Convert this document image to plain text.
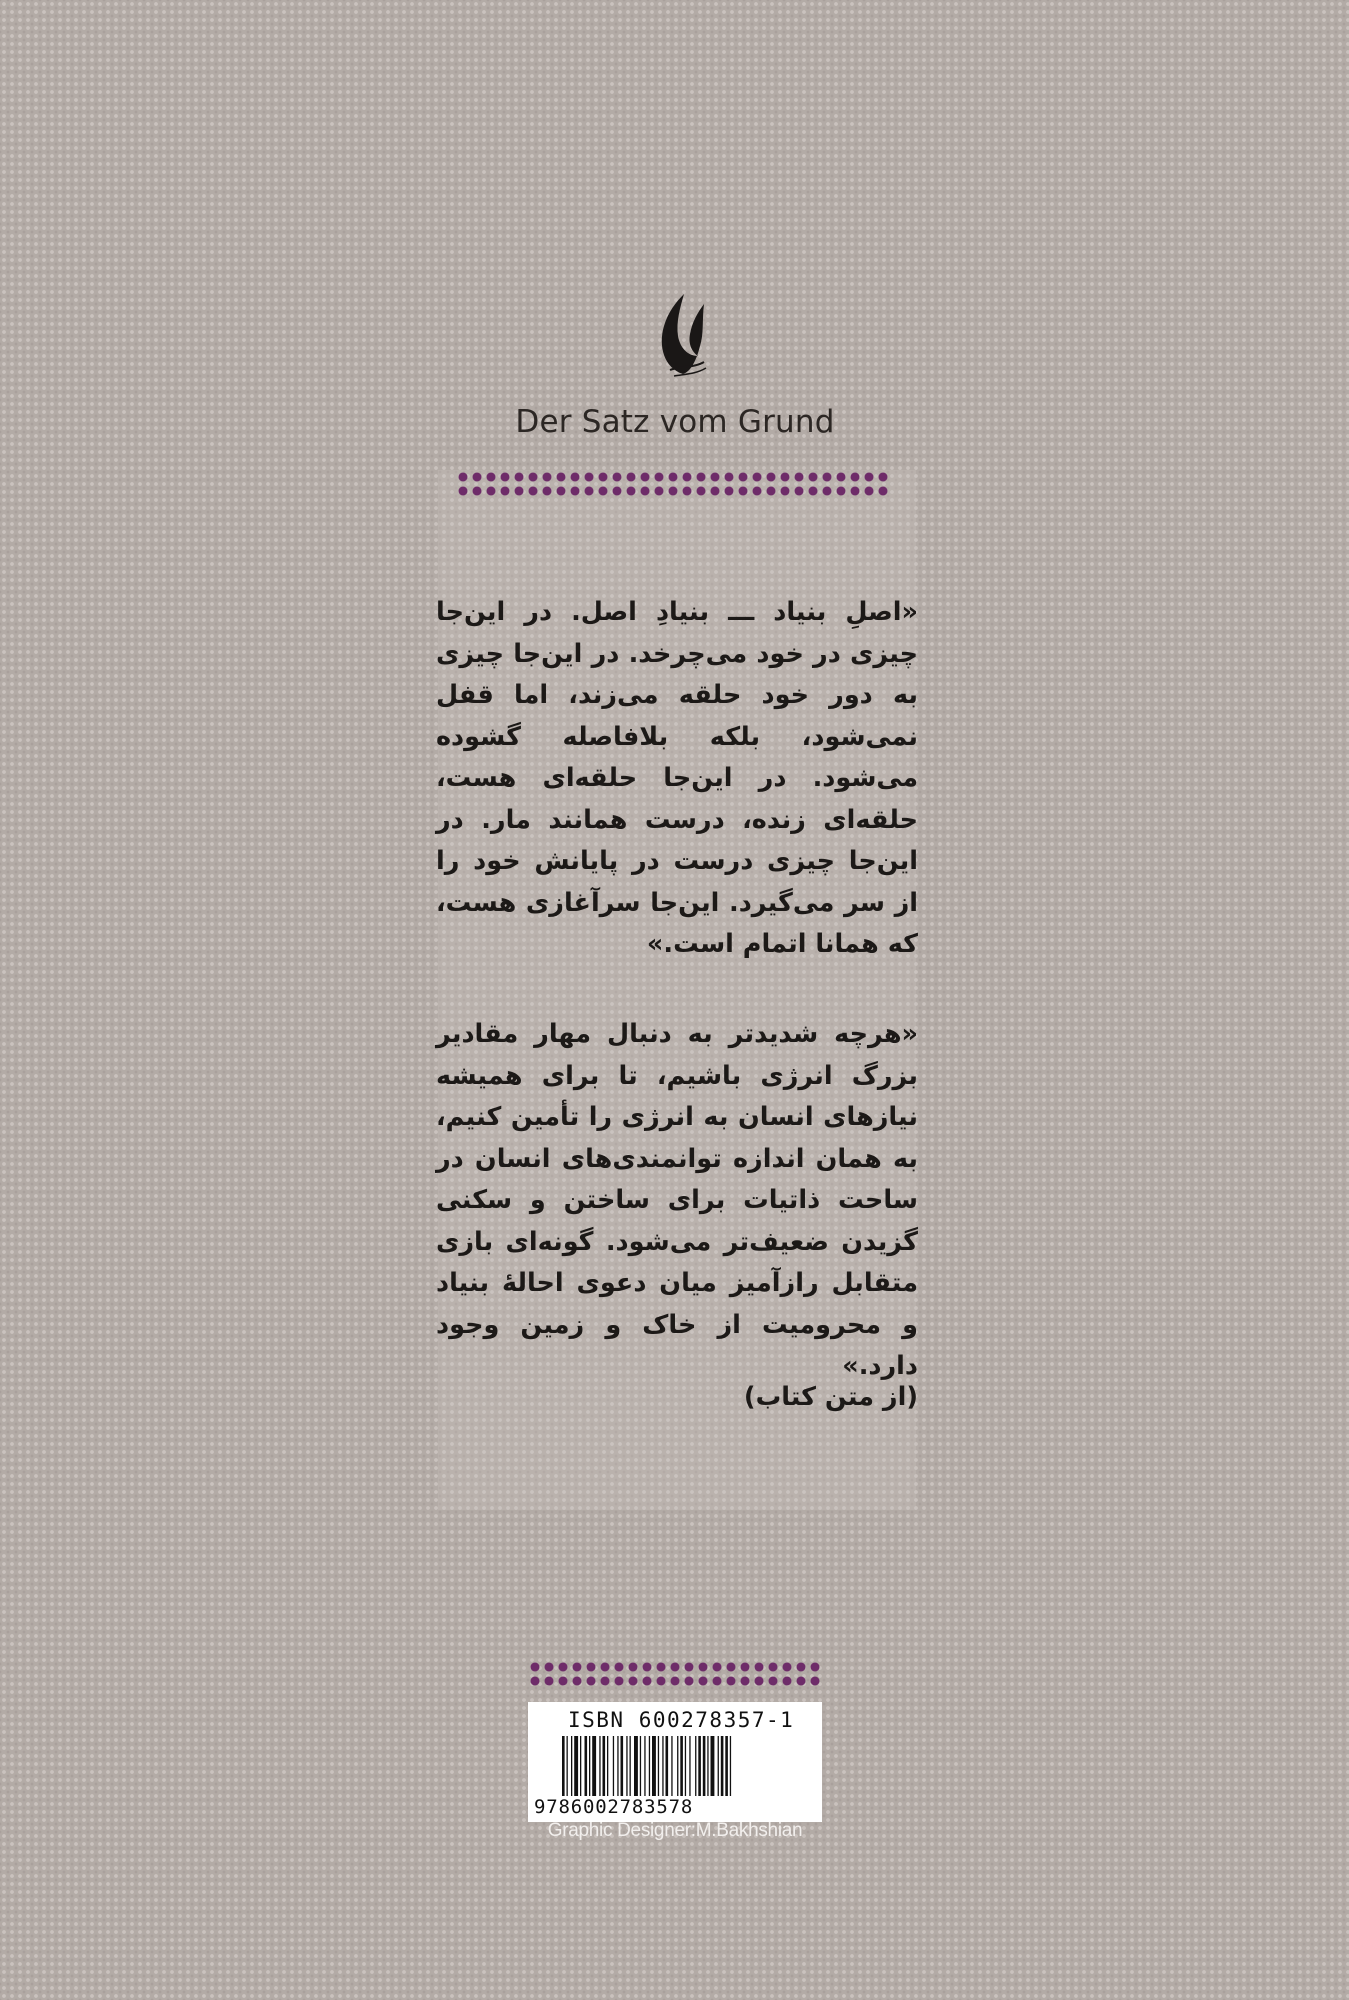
Der Satz vom Grund

«اصلِ بنیاد ـــ بنیادِ اصل. در این‌جا چیزی در خود می‌چرخد. در این‌جا چیزی به دور خود حلقه می‌زند، اما قفل نمی‌شود، بلکه بلافاصله گشوده می‌شود. در این‌جا حلقه‌ای هست، حلقه‌ای زنده، درست همانند مار. در این‌جا چیزی درست در پایانش خود را از سر می‌گیرد. این‌جا سرآغازی هست، که همانا اتمام است.»

«هرچه شدیدتر به دنبال مهار مقادیر بزرگ انرژی باشیم، تا برای همیشه نیازهای انسان به انرژی را تأمین کنیم، به همان اندازه توانمندی‌های انسان در ساحت ذاتیات برای ساختن و سکنی گزیدن ضعیف‌تر می‌شود. گونه‌ای بازی متقابل رازآمیز میان دعوی احالهٔ بنیاد و محرومیت از خاک و زمین وجود دارد.»

(از متن کتاب)
ISBN 600278357-1
9786002783578
Graphic Designer:M.Bakhshian
